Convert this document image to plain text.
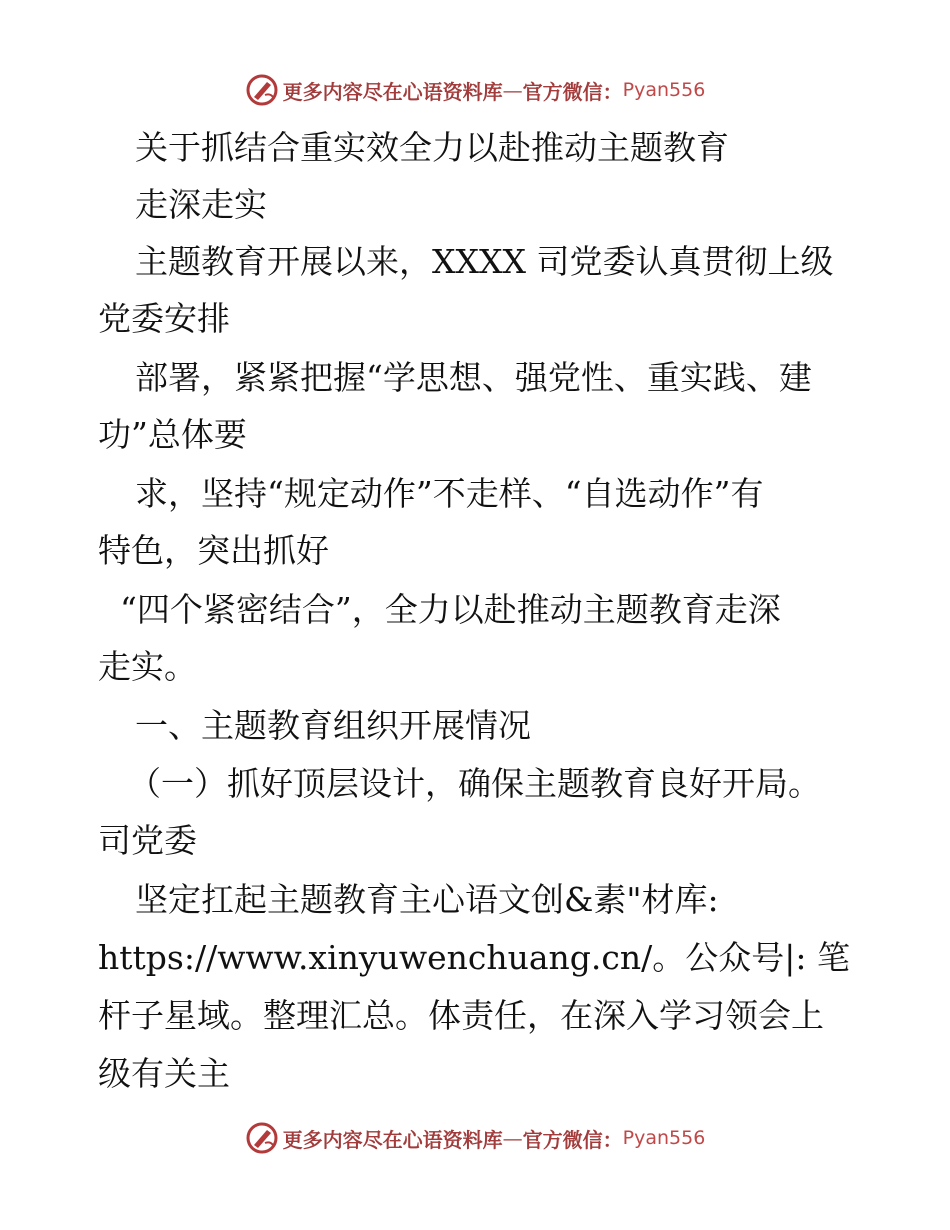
更多内容尽在心语资料库 — 官方微信： Pyan556
关于抓结合重实效全力以赴推动主题教育
走深走实
主题教育开展以来，XXXX 司党委认真贯彻上级
党委安排
部署，紧紧把握“学思想、强党性、重实践、建
功”总体要
求，坚持“规定动作”不走样、“自选动作”有
特色，突出抓好
“四个紧密结合”，全力以赴推动主题教育走深
走实。
一、主题教育组织开展情况
（一）抓好顶层设计，确保主题教育良好开局。
司党委
坚定扛起主题教育主心语文创&素"材库:
https://www.xinyuwenchuang.cn/。公众号|: 笔
杆子星域。整理汇总。体责任，在深入学习领会上
级有关主
更多内容尽在心语资料库 — 官方微信： Pyan556
